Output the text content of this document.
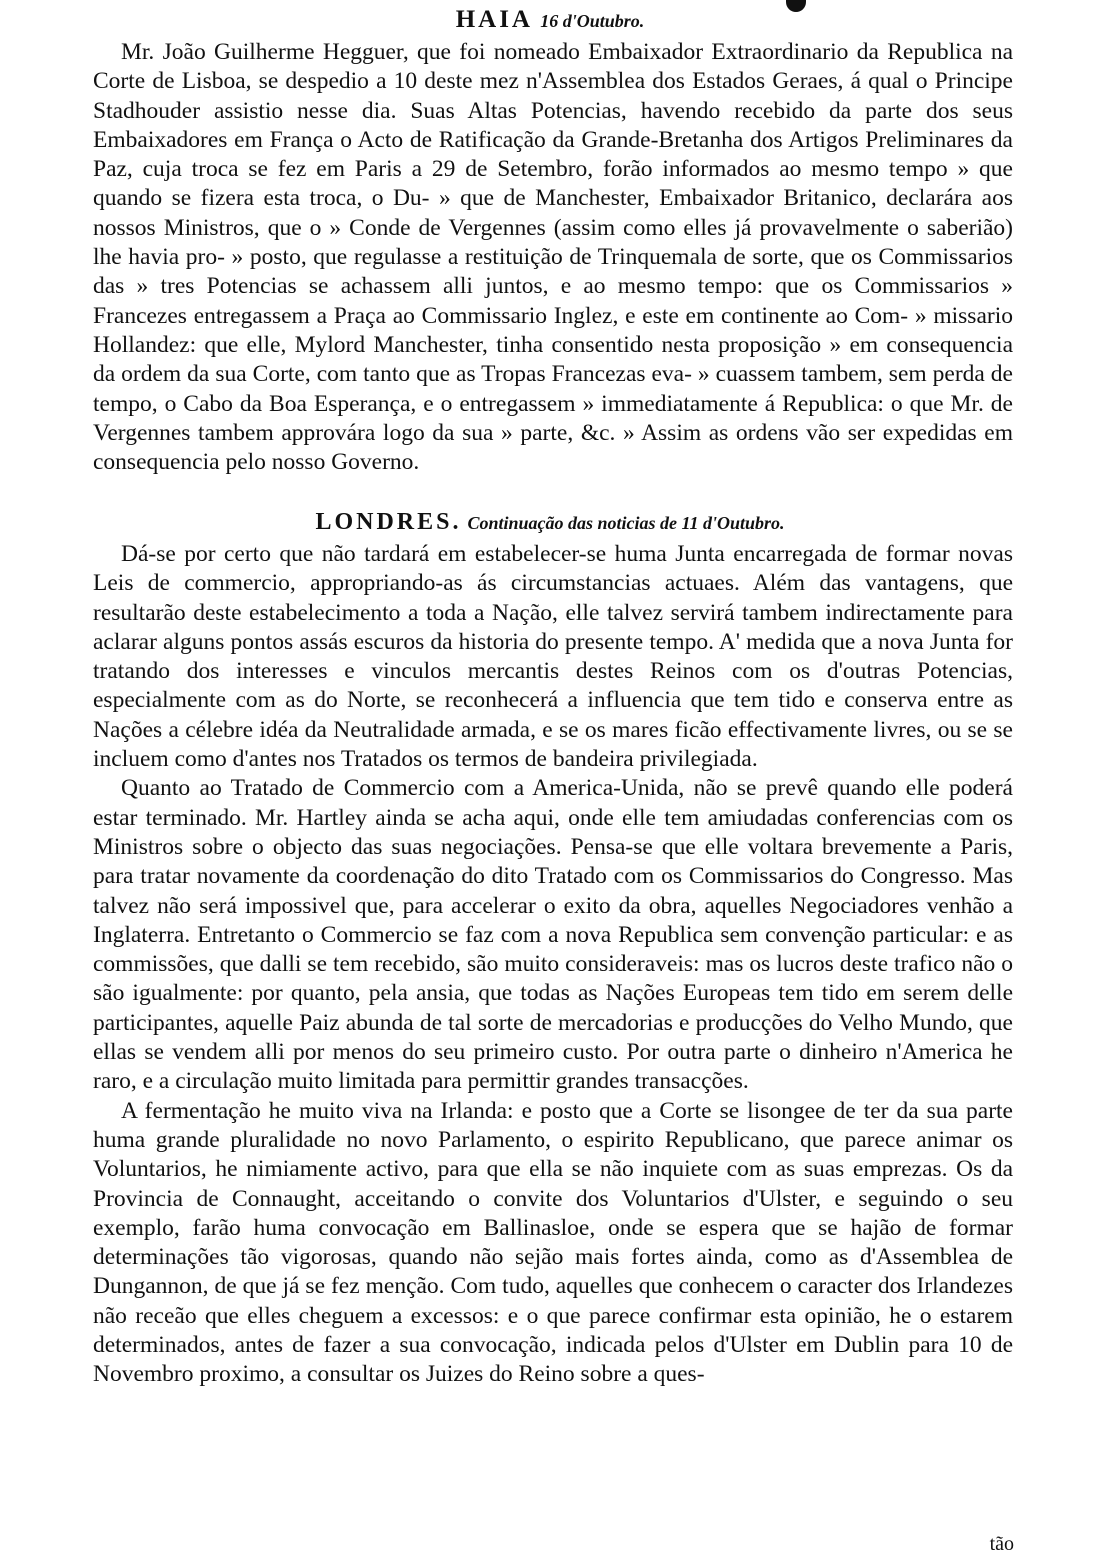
HAIA 16 d'Outubro.

Mr. João Guilherme Hegguer, que foi nomeado Embaixador Extraordinario da Republica na Corte de Lisboa, se despedio a 10 deste mez n'Assemblea dos Estados Geraes, á qual o Principe Stadhouder assistio nesse dia. Suas Altas Potencias, havendo recebido da parte dos seus Embaixadores em França o Acto de Ratificação da Grande-Bretanha dos Artigos Preliminares da Paz, cuja troca se fez em Paris a 29 de Setembro, forão informados ao mesmo tempo » que quando se fizera esta troca, o Du- » que de Manchester, Embaixador Britanico, declarára aos nossos Ministros, que o » Conde de Vergennes (assim como elles já provavelmente o saberião) lhe havia pro- » posto, que regulasse a restituição de Trinquemala de sorte, que os Commissarios das » tres Potencias se achassem alli juntos, e ao mesmo tempo: que os Commissarios » Francezes entregassem a Praça ao Commissario Inglez, e este em continente ao Com- » missario Hollandez: que elle, Mylord Manchester, tinha consentido nesta proposição » em consequencia da ordem da sua Corte, com tanto que as Tropas Francezas eva- » cuassem tambem, sem perda de tempo, o Cabo da Boa Esperança, e o entregassem » immediatamente á Republica: o que Mr. de Vergennes tambem approvára logo da sua » parte, &c. » Assim as ordens vão ser expedidas em consequencia pelo nosso Governo.

LONDRES. Continuação das noticias de 11 d'Outubro.

Dá-se por certo que não tardará em estabelecer-se huma Junta encarregada de formar novas Leis de commercio, appropriando-as ás circumstancias actuaes. Além das vantagens, que resultarão deste estabelecimento a toda a Nação, elle talvez servirá tambem indirectamente para aclarar alguns pontos assás escuros da historia do presente tempo. A' medida que a nova Junta for tratando dos interesses e vinculos mercantis destes Reinos com os d'outras Potencias, especialmente com as do Norte, se reconhecerá a influencia que tem tido e conserva entre as Nações a célebre idéa da Neutralidade armada, e se os mares ficão effectivamente livres, ou se se incluem como d'antes nos Tratados os termos de bandeira privilegiada.

Quanto ao Tratado de Commercio com a America-Unida, não se prevê quando elle poderá estar terminado. Mr. Hartley ainda se acha aqui, onde elle tem amiudadas conferencias com os Ministros sobre o objecto das suas negociações. Pensa-se que elle voltara brevemente a Paris, para tratar novamente da coordenação do dito Tratado com os Commissarios do Congresso. Mas talvez não será impossivel que, para accelerar o exito da obra, aquelles Negociadores venhão a Inglaterra. Entretanto o Commercio se faz com a nova Republica sem convenção particular: e as commissões, que dalli se tem recebido, são muito consideraveis: mas os lucros deste trafico não o são igualmente: por quanto, pela ansia, que todas as Nações Europeas tem tido em serem delle participantes, aquelle Paiz abunda de tal sorte de mercadorias e producções do Velho Mundo, que ellas se vendem alli por menos do seu primeiro custo. Por outra parte o dinheiro n'America he raro, e a circulação muito limitada para permittir grandes transacções.

A fermentação he muito viva na Irlanda: e posto que a Corte se lisongee de ter da sua parte huma grande pluralidade no novo Parlamento, o espirito Republicano, que parece animar os Voluntarios, he nimiamente activo, para que ella se não inquiete com as suas emprezas. Os da Provincia de Connaught, acceitando o convite dos Voluntarios d'Ulster, e seguindo o seu exemplo, farão huma convocação em Ballinasloe, onde se espera que se hajão de formar determinações tão vigorosas, quando não sejão mais fortes ainda, como as d'Assemblea de Dungannon, de que já se fez menção. Com tudo, aquelles que conhecem o caracter dos Irlandezes não receão que elles cheguem a excessos: e o que parece confirmar esta opinião, he o estarem determinados, antes de fazer a sua convocação, indicada pelos d'Ulster em Dublin para 10 de Novembro proximo, a consultar os Juizes do Reino sobre a ques-

tão
